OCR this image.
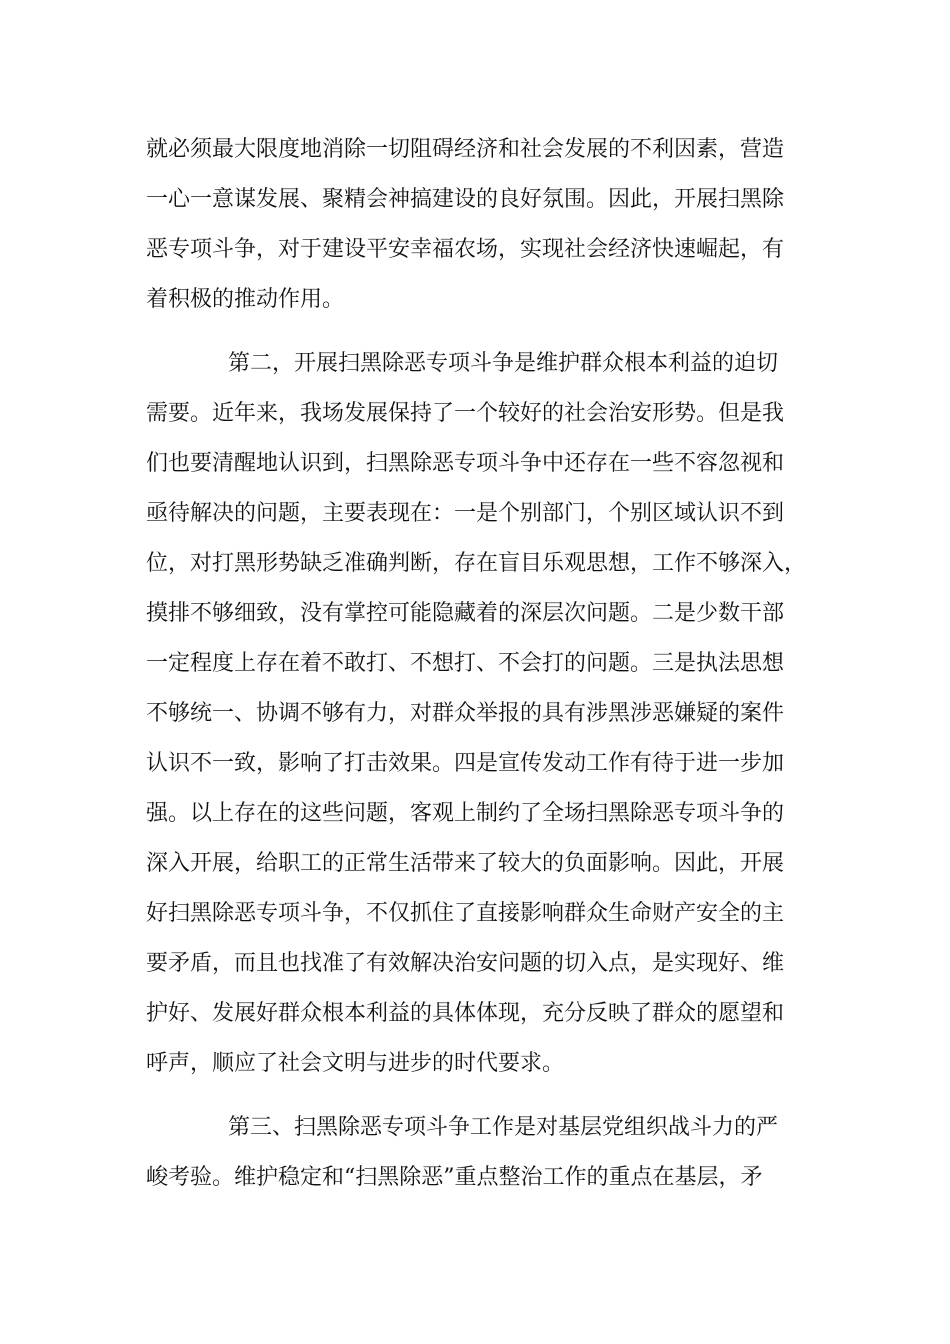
就必须最大限度地消除一切阻碍经济和社会发展的不利因素，营造
一心一意谋发展、聚精会神搞建设的良好氛围。因此，开展扫黑除
恶专项斗争，对于建设平安幸福农场，实现社会经济快速崛起，有
着积极的推动作用。
第二，开展扫黑除恶专项斗争是维护群众根本利益的迫切
需要。近年来，我场发展保持了一个较好的社会治安形势。但是我
们也要清醒地认识到，扫黑除恶专项斗争中还存在一些不容忽视和
亟待解决的问题，主要表现在：一是个别部门，个别区域认识不到
位，对打黑形势缺乏准确判断，存在盲目乐观思想，工作不够深入，
摸排不够细致，没有掌控可能隐藏着的深层次问题。二是少数干部
一定程度上存在着不敢打、不想打、不会打的问题。三是执法思想
不够统一、协调不够有力，对群众举报的具有涉黑涉恶嫌疑的案件
认识不一致，影响了打击效果。四是宣传发动工作有待于进一步加
强。以上存在的这些问题，客观上制约了全场扫黑除恶专项斗争的
深入开展，给职工的正常生活带来了较大的负面影响。因此，开展
好扫黑除恶专项斗争，不仅抓住了直接影响群众生命财产安全的主
要矛盾，而且也找准了有效解决治安问题的切入点，是实现好、维
护好、发展好群众根本利益的具体体现，充分反映了群众的愿望和
呼声，顺应了社会文明与进步的时代要求。
第三、扫黑除恶专项斗争工作是对基层党组织战斗力的严
峻考验。维护稳定和“扫黑除恶”重点整治工作的重点在基层，矛
